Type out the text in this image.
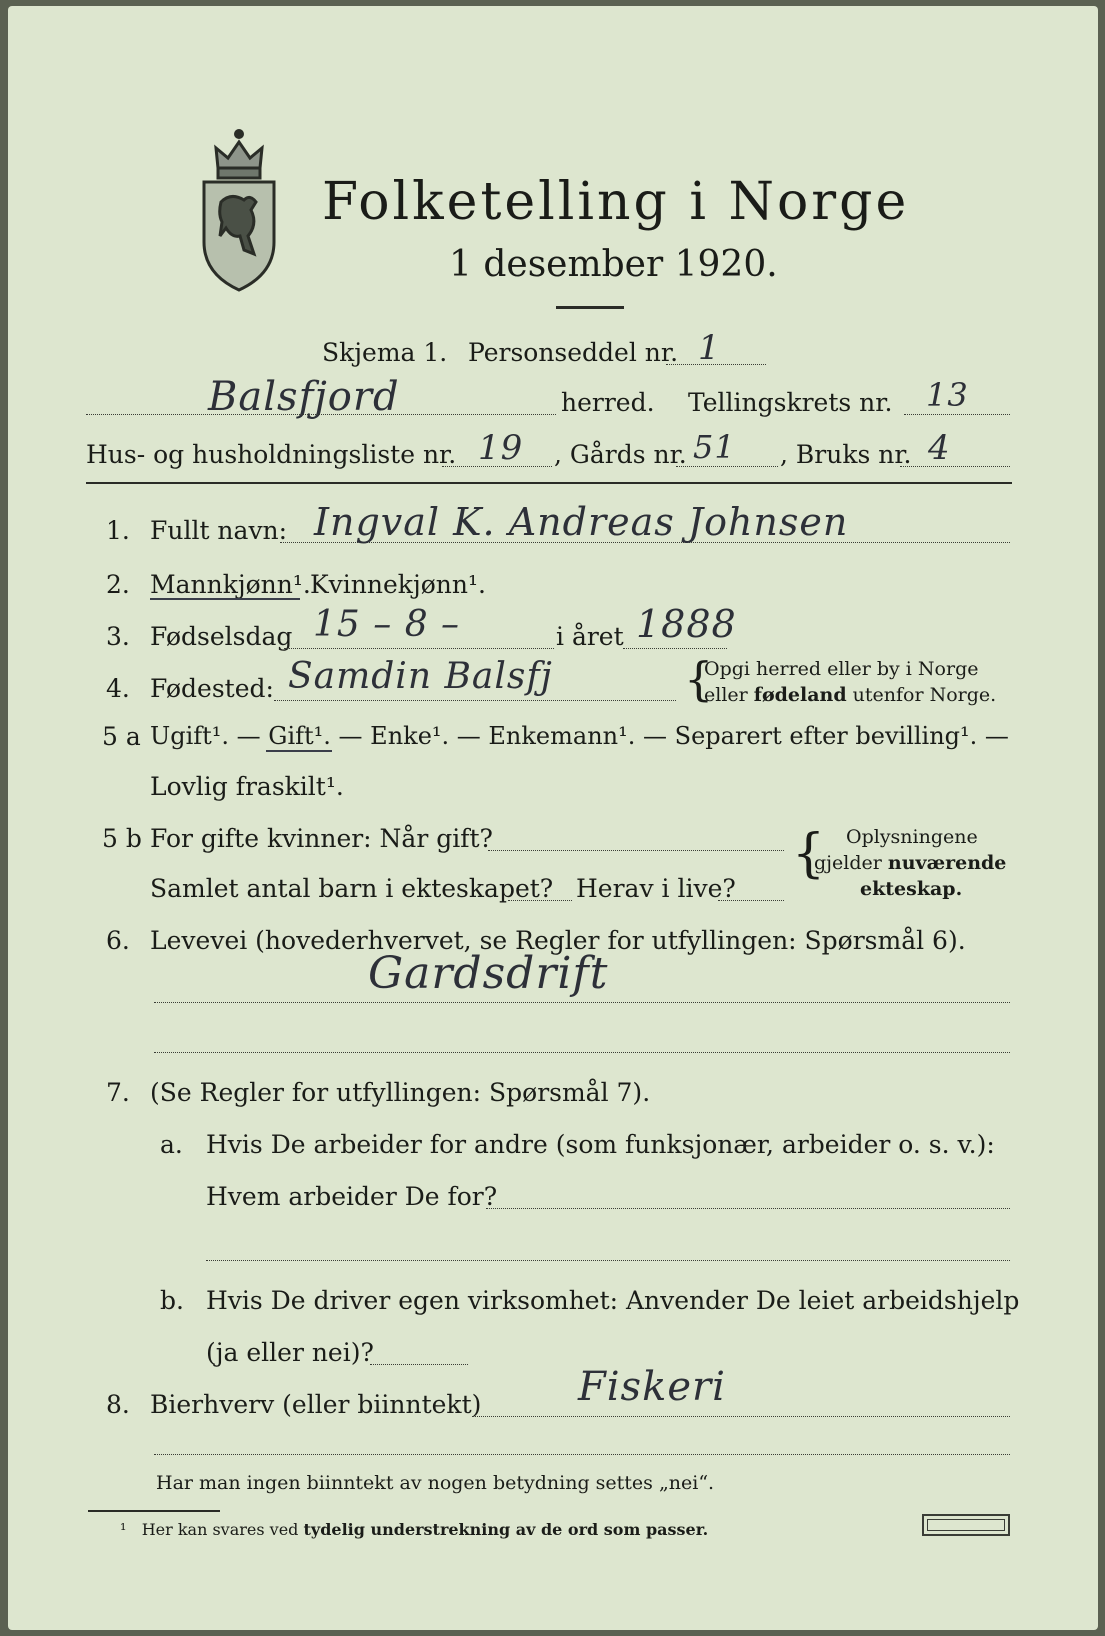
Folketelling i Norge
1 desember 1920.
Skjema 1. Personseddel nr. 1
Balsfjord	herred. Tellingskrets nr. 13
Hus- og husholdningsliste nr. 19 , Gårds nr. 51 , Bruks nr. 4
1. Fullt navn: Ingval K. Andreas Johnsen
2. Mannkjønn¹. Kvinnekjønn¹.
3. Fødselsdag 15 – 8 –	i året 1888
4. Fødested: Samdin Balsfj	{
Opgi herred eller by i Norge
eller fødeland utenfor Norge.
5 a Ugift¹. — Gift¹. — Enke¹. — Enkemann¹. — Separert efter bevilling¹. —
Lovlig fraskilt¹.
5 b For gifte kvinner: Når gift?
Samlet antal barn i ekteskapet? Herav i live?
{ Oplysningene
gjelder nuværende
ekteskap.
6. Levevei (hovederhvervet, se Regler for utfyllingen: Spørsmål 6).
Gardsdrift
7. (Se Regler for utfyllingen: Spørsmål 7).
a. Hvis De arbeider for andre (som funksjonær, arbeider o. s. v.):
Hvem arbeider De for?
b. Hvis De driver egen virksomhet: Anvender De leiet arbeidshjelp
(ja eller nei)?
8. Bierhverv (eller biinntekt) Fiskeri
Har man ingen biinntekt av nogen betydning settes „nei“.
¹ Her kan svares ved tydelig understrekning av de ord som passer.
